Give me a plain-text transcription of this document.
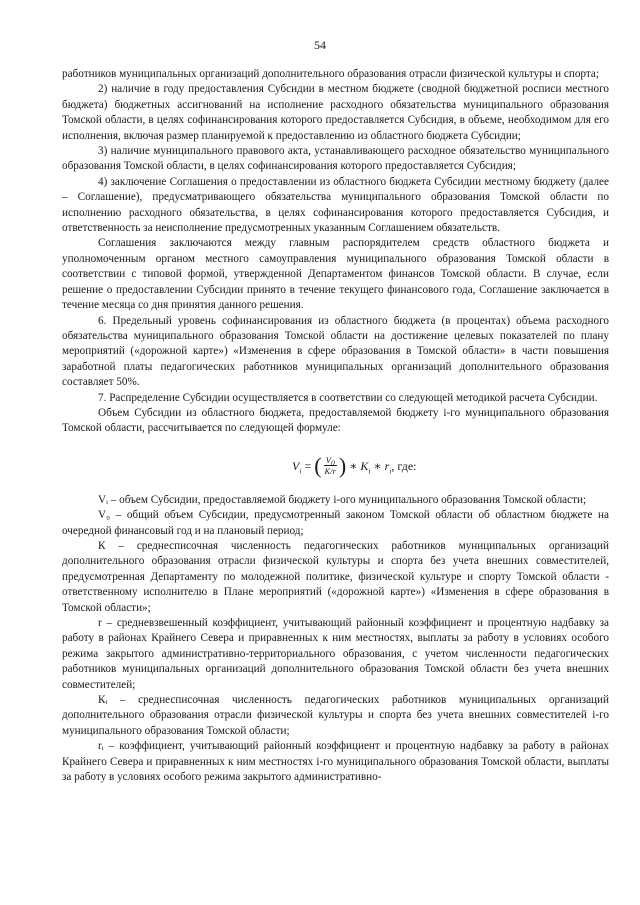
54

работников муниципальных организаций дополнительного образования отрасли физической культуры и спорта;

2) наличие в году предоставления Субсидии в местном бюджете (сводной бюджетной росписи местного бюджета) бюджетных ассигнований на исполнение расходного обязательства муниципального образования Томской области, в целях софинансирования которого предоставляется Субсидия, в объеме, необходимом для его исполнения, включая размер планируемой к предоставлению из областного бюджета Субсидии;

3) наличие муниципального правового акта, устанавливающего расходное обязательство муниципального образования Томской области, в целях софинансирования которого предоставляется Субсидия;

4) заключение Соглашения о предоставлении из областного бюджета Субсидии местному бюджету (далее – Соглашение), предусматривающего обязательства муниципального образования Томской области по исполнению расходного обязательства, в целях софинансирования которого предоставляется Субсидия, и ответственность за неисполнение предусмотренных указанным Соглашением обязательств.

Соглашения заключаются между главным распорядителем средств областного бюджета и уполномоченным органом местного самоуправления муниципального образования Томской области в соответствии с типовой формой, утвержденной Департаментом финансов Томской области. В случае, если решение о предоставлении Субсидии принято в течение текущего финансового года, Соглашение заключается в течение месяца со дня принятия данного решения.

6. Предельный уровень софинансирования из областного бюджета (в процентах) объема расходного обязательства муниципального образования Томской области на достижение целевых показателей по плану мероприятий («дорожной карте») «Изменения в сфере образования в Томской области» в части повышения заработной платы педагогических работников муниципальных организаций дополнительного образования составляет 50%.

7. Распределение Субсидии осуществляется в соответствии со следующей методикой расчета Субсидии.

Объем Субсидии из областного бюджета, предоставляемой бюджету i-го муниципального образования Томской области, рассчитывается по следующей формуле:

$V_i$ = ( $\frac{V_0}{K/r}$ ) ∗ $K_i$ ∗ $r_i$ , где:

Vᵢ – объем Субсидии, предоставляемой бюджету i-ого муниципального образования Томской области;

V₀ – общий объем Субсидии, предусмотренный законом Томской области об областном бюджете на очередной финансовый год и на плановый период;

К – среднесписочная численность педагогических работников муниципальных организаций дополнительного образования отрасли физической культуры и спорта без учета внешних совместителей, предусмотренная Департаменту по молодежной политике, физической культуре и спорту Томской области - ответственному исполнителю в Плане мероприятий («дорожной карте») «Изменения в сфере образования в Томской области»;

r – средневзвешенный коэффициент, учитывающий районный коэффициент и процентную надбавку за работу в районах Крайнего Севера и приравненных к ним местностях, выплаты за работу в условиях особого режима закрытого административно-территориального образования, с учетом численности педагогических работников муниципальных организаций дополнительного образования Томской области без учета внешних совместителей;

Кᵢ – среднесписочная численность педагогических работников муниципальных организаций дополнительного образования отрасли физической культуры и спорта без учета внешних совместителей i-го муниципального образования Томской области;

rᵢ – коэффициент, учитывающий районный коэффициент и процентную надбавку за работу в районах Крайнего Севера и приравненных к ним местностях i-го муниципального образования Томской области, выплаты за работу в условиях особого режима закрытого административно-
